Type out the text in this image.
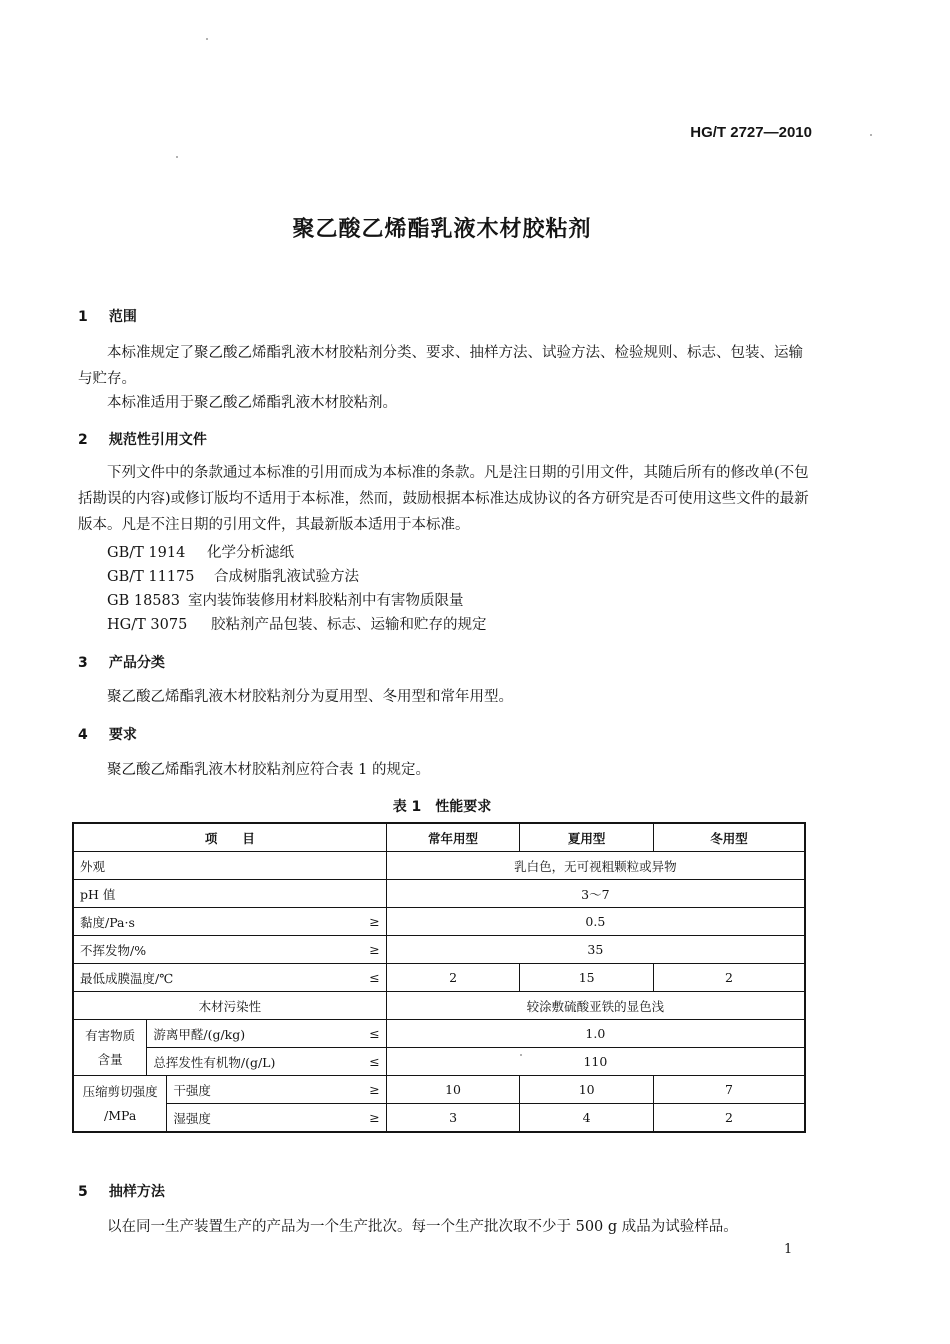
HG/T 2727—2010
聚乙酸乙烯酯乳液木材胶粘剂
1 范围
本标准规定了聚乙酸乙烯酯乳液木材胶粘剂分类、要求、抽样方法、试验方法、检验规则、标志、包装、运输与贮存。
本标准适用于聚乙酸乙烯酯乳液木材胶粘剂。
2 规范性引用文件
下列文件中的条款通过本标准的引用而成为本标准的条款。凡是注日期的引用文件，其随后所有的修改单(不包括勘误的内容)或修订版均不适用于本标准，然而，鼓励根据本标准达成协议的各方研究是否可使用这些文件的最新版本。凡是不注日期的引用文件，其最新版本适用于本标准。
GB/T 1914 化学分析滤纸
GB/T 11175 合成树脂乳液试验方法
GB 18583 室内装饰装修用材料胶粘剂中有害物质限量
HG/T 3075 胶粘剂产品包装、标志、运输和贮存的规定
3 产品分类
聚乙酸乙烯酯乳液木材胶粘剂分为夏用型、冬用型和常年用型。
4 要求
聚乙酸乙烯酯乳液木材胶粘剂应符合表 1 的规定。
表 1　性能要求
项　　目				常年用型	夏用型	冬用型
外观				乳白色，无可视粗颗粒或异物		
pH 值				3～7		
黏度/Pa·s			≥	0.5		
不挥发物/%			≥	35		
最低成膜温度/℃			≤	2	15	2
木材污染性				较涂敷硫酸亚铁的显色浅		
有害物质含量	游离甲醛/(g/kg)		≤	1.0		
	总挥发性有机物/(g/L)		≤	110		
压缩剪切强度 /MPa		干强度	≥	10	10	7
		湿强度	≥	3	4	2
5 抽样方法
以在同一生产装置生产的产品为一个生产批次。每一个生产批次取不少于 500 g 成品为试验样品。
1
